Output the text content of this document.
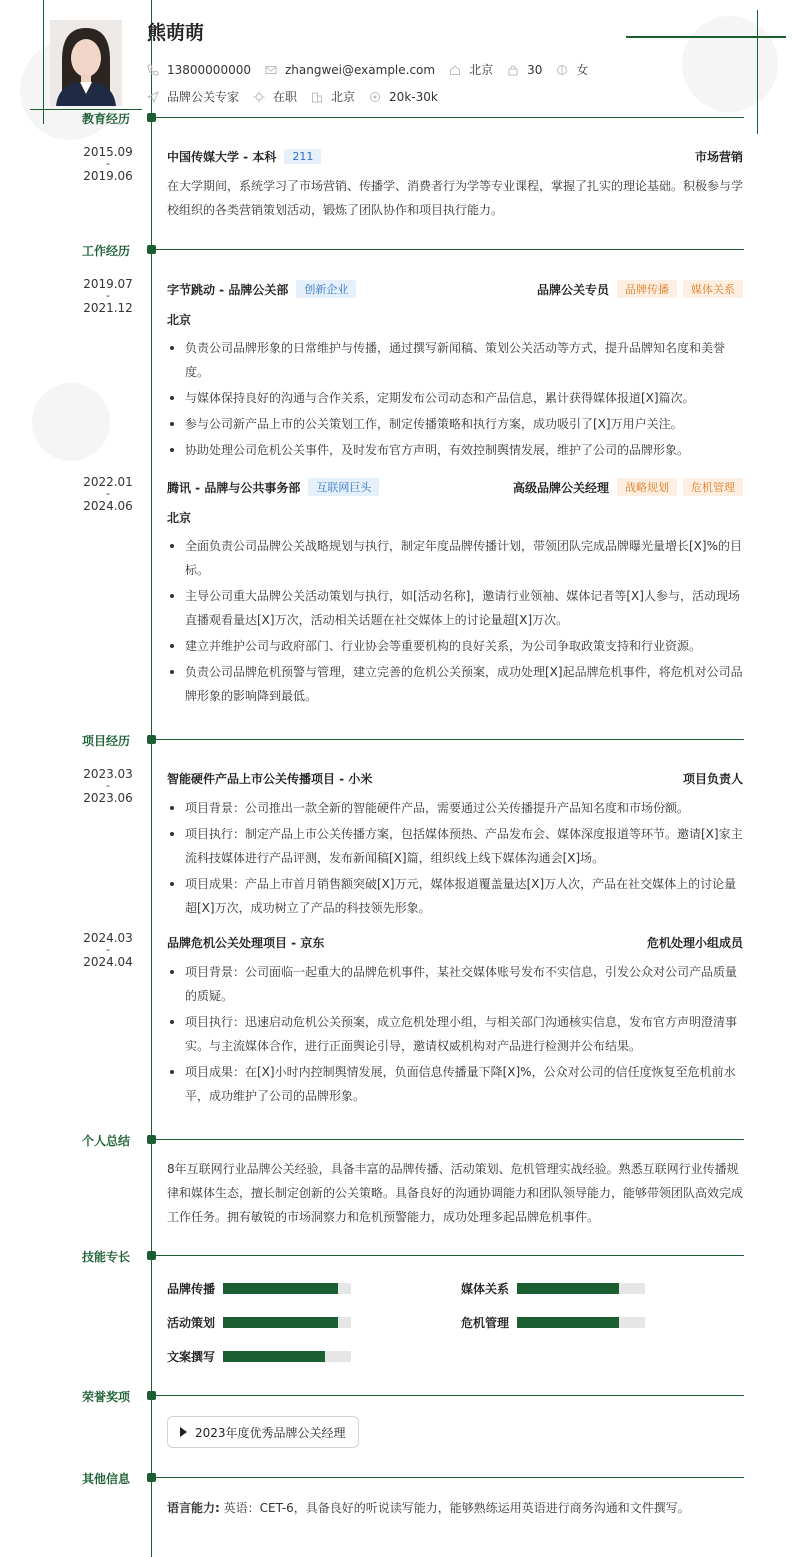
熊萌萌
13800000000	zhangwei@example.com	北京	30	女
品牌公关专家	在职	北京	20k-30k
教育经历
2015.09
-
2019.06
中国传媒大学 - 本科	211	市场营销
在大学期间，系统学习了市场营销、传播学、消费者行为学等专业课程，掌握了扎实的理论基础。积极参与学校组织的各类营销策划活动，锻炼了团队协作和项目执行能力。
工作经历
2019.07
-
2021.12
字节跳动 - 品牌公关部	创新企业	品牌公关专员	品牌传播	媒体关系
北京
负责公司品牌形象的日常维护与传播，通过撰写新闻稿、策划公关活动等方式，提升品牌知名度和美誉度。
与媒体保持良好的沟通与合作关系，定期发布公司动态和产品信息，累计获得媒体报道[X]篇次。
参与公司新产品上市的公关策划工作，制定传播策略和执行方案，成功吸引了[X]万用户关注。
协助处理公司危机公关事件，及时发布官方声明，有效控制舆情发展，维护了公司的品牌形象。
2022.01
-
2024.06
腾讯 - 品牌与公共事务部	互联网巨头	高级品牌公关经理	战略规划	危机管理
北京
全面负责公司品牌公关战略规划与执行，制定年度品牌传播计划，带领团队完成品牌曝光量增长[X]%的目标。
主导公司重大品牌公关活动策划与执行，如[活动名称]，邀请行业领袖、媒体记者等[X]人参与，活动现场直播观看量达[X]万次，活动相关话题在社交媒体上的讨论量超[X]万次。
建立并维护公司与政府部门、行业协会等重要机构的良好关系，为公司争取政策支持和行业资源。
负责公司品牌危机预警与管理，建立完善的危机公关预案，成功处理[X]起品牌危机事件，将危机对公司品牌形象的影响降到最低。
项目经历
2023.03
-
2023.06
智能硬件产品上市公关传播项目 - 小米	项目负责人
项目背景：公司推出一款全新的智能硬件产品，需要通过公关传播提升产品知名度和市场份额。
项目执行：制定产品上市公关传播方案，包括媒体预热、产品发布会、媒体深度报道等环节。邀请[X]家主流科技媒体进行产品评测，发布新闻稿[X]篇，组织线上线下媒体沟通会[X]场。
项目成果：产品上市首月销售额突破[X]万元，媒体报道覆盖量达[X]万人次，产品在社交媒体上的讨论量超[X]万次，成功树立了产品的科技领先形象。
2024.03
-
2024.04
品牌危机公关处理项目 - 京东	危机处理小组成员
项目背景：公司面临一起重大的品牌危机事件，某社交媒体账号发布不实信息，引发公众对公司产品质量的质疑。
项目执行：迅速启动危机公关预案，成立危机处理小组，与相关部门沟通核实信息，发布官方声明澄清事实。与主流媒体合作，进行正面舆论引导，邀请权威机构对产品进行检测并公布结果。
项目成果：在[X]小时内控制舆情发展，负面信息传播量下降[X]%，公众对公司的信任度恢复至危机前水平，成功维护了公司的品牌形象。
个人总结
8年互联网行业品牌公关经验，具备丰富的品牌传播、活动策划、危机管理实战经验。熟悉互联网行业传播规律和媒体生态，擅长制定创新的公关策略。具备良好的沟通协调能力和团队领导能力，能够带领团队高效完成工作任务。拥有敏锐的市场洞察力和危机预警能力，成功处理多起品牌危机事件。
技能专长
品牌传播	媒体关系
活动策划	危机管理
文案撰写
荣誉奖项
2023年度优秀品牌公关经理
其他信息
语言能力: 英语：CET-6，具备良好的听说读写能力，能够熟练运用英语进行商务沟通和文件撰写。
